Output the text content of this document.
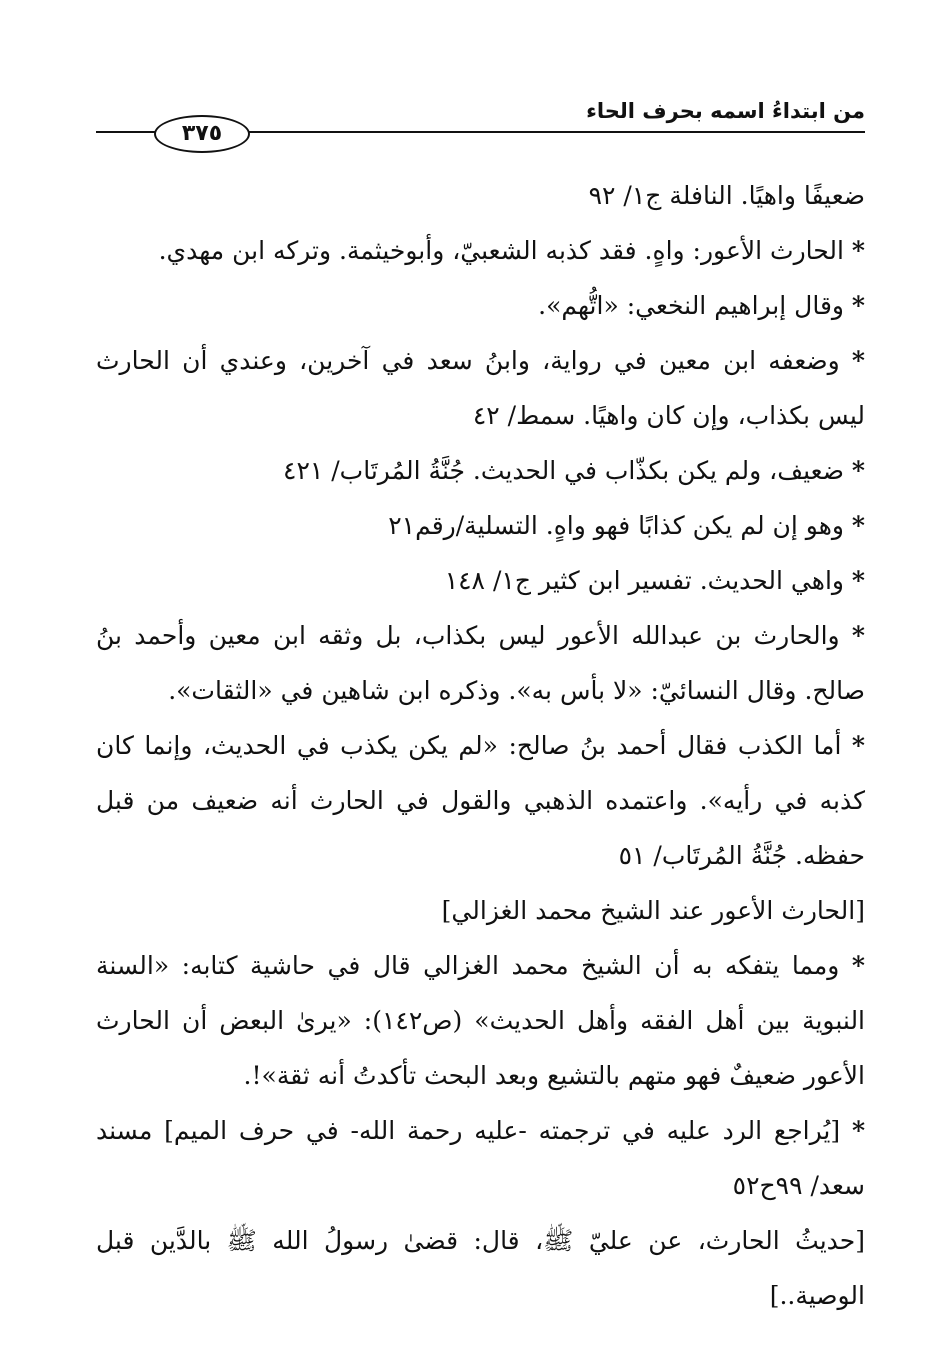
من ابتداءُ اسمه بحرف الحاء
٣٧٥

ضعيفًا واهيًا. النافلة ج١/ ٩٢

* الحارث الأعور: واهٍ. فقد كذبه الشعبيّ، وأبوخيثمة. وتركه ابن مهدي.

* وقال إبراهيم النخعي: «اتُّهم».

* وضعفه ابن معين في رواية، وابنُ سعد في آخرين، وعندي أن الحارث ليس بكذاب، وإن كان واهيًا. سمط/ ٤٢

* ضعيف، ولم يكن بكذّاب في الحديث. جُنَّةُ المُرتَاب/ ٤٢١

* وهو إن لم يكن كذابًا فهو واهٍ. التسلية/رقم٢١

* واهي الحديث. تفسير ابن كثير ج١/ ١٤٨

* والحارث بن عبدالله الأعور ليس بكذاب، بل وثقه ابن معين وأحمد بنُ صالح. وقال النسائيّ: «لا بأس به». وذكره ابن شاهين في «الثقات».

* أما الكذب فقال أحمد بنُ صالح: «لم يكن يكذب في الحديث، وإنما كان كذبه في رأيه». واعتمده الذهبي والقول في الحارث أنه ضعيف من قبل حفظه. جُنَّةُ المُرتَاب/ ٥١

[الحارث الأعور عند الشيخ محمد الغزالي]

* ومما يتفكه به أن الشيخ محمد الغزالي قال في حاشية كتابه: «السنة النبوية بين أهل الفقه وأهل الحديث» (ص١٤٢): «يرىٰ البعض أن الحارث الأعور ضعيفٌ فهو متهم بالتشيع وبعد البحث تأكدتُ أنه ثقة»!.

* [يُراجع الرد عليه في ترجمته -عليه رحمة الله- في حرف الميم] مسند سعد/ ٩٩ح٥٢

[حديثُ الحارث، عن عليّ ﷺ، قال: قضىٰ رسولُ الله ﷺ بالدَّين قبل الوصية..]
